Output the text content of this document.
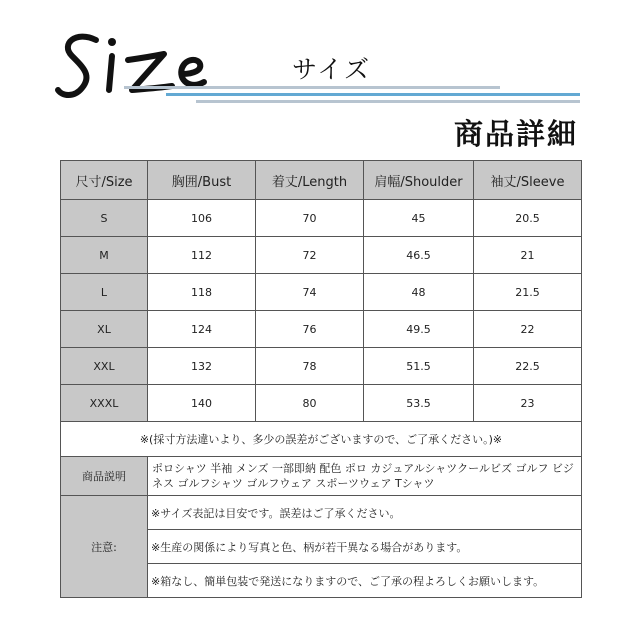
サイズ
商品詳細
尺寸/Size	胸囲/Bust	着丈/Length	肩幅/Shoulder	袖丈/Sleeve
S	106	70	45	20.5
M	112	72	46.5	21
L	118	74	48	21.5
XL	124	76	49.5	22
XXL	132	78	51.5	22.5
XXXL	140	80	53.5	23
※(採寸方法違いより、多少の誤差がございますので、ご了承ください。)※				
商品説明	ポロシャツ 半袖 メンズ 一部即納 配色 ポロ カジュアルシャツクールビズ ゴルフ ビジネス ゴルフシャツ ゴルフウェア スポーツウェア Tシャツ			
注意:	※サイズ表記は目安です。誤差はご了承ください。			
	※生産の関係により写真と色、柄が若干異なる場合があります。			
	※箱なし、簡単包装で発送になりますので、ご了承の程よろしくお願いします。			
